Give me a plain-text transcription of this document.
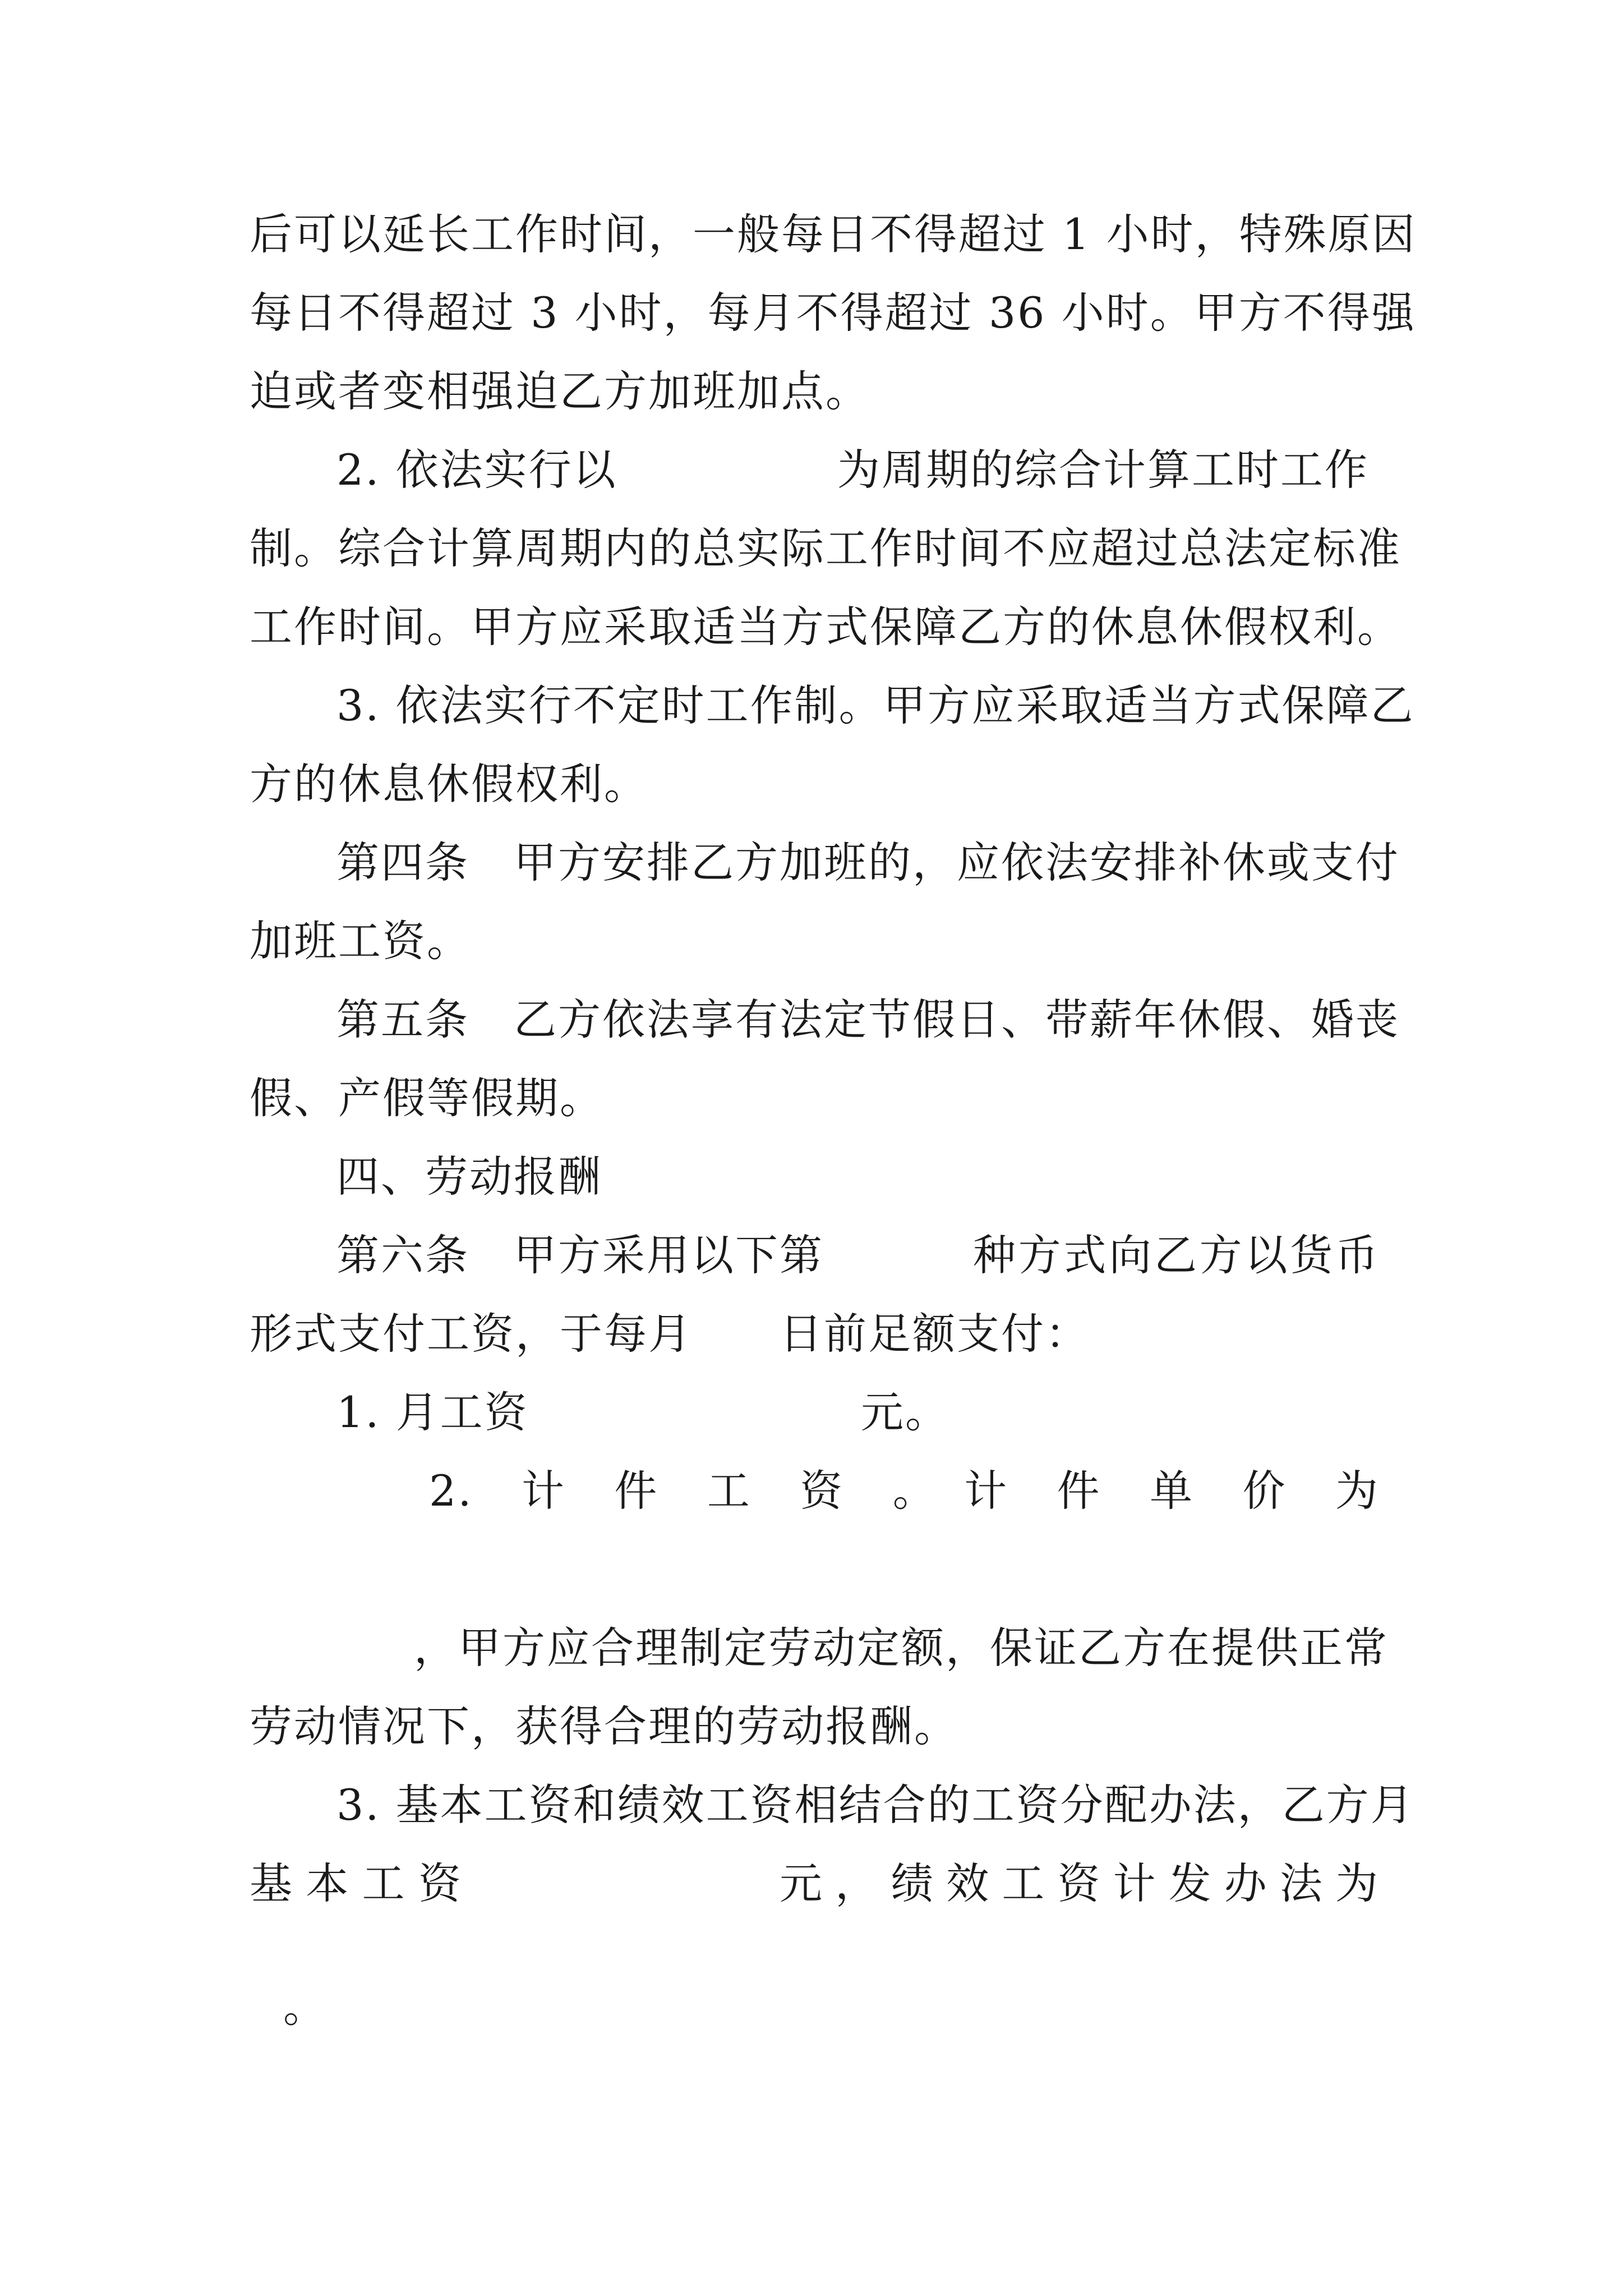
后可以延长工作时间，一般每日不得超过 1 小时，特殊原因
每日不得超过 3 小时，每月不得超过 36 小时。甲方不得强
迫或者变相强迫乙方加班加点。
2. 依法实行以	为周期的综合计算工时工作
制。综合计算周期内的总实际工作时间不应超过总法定标准
工作时间。甲方应采取适当方式保障乙方的休息休假权利。
3. 依法实行不定时工作制。甲方应采取适当方式保障乙
方的休息休假权利。
第四条　甲方安排乙方加班的，应依法安排补休或支付
加班工资。
第五条　乙方依法享有法定节假日、带薪年休假、婚丧
假、产假等假期。
四、劳动报酬
第六条　甲方采用以下第	种方式向乙方以货币
形式支付工资，于每月 日前足额支付：
1. 月工资	元。
2.　计　件　工　资　。　计　件　单　价　为
，甲方应合理制定劳动定额，保证乙方在提供正常
劳动情况下，获得合理的劳动报酬。
3. 基本工资和绩效工资相结合的工资分配办法，乙方月
基本工资	元，绩效工资计发办法为
。
